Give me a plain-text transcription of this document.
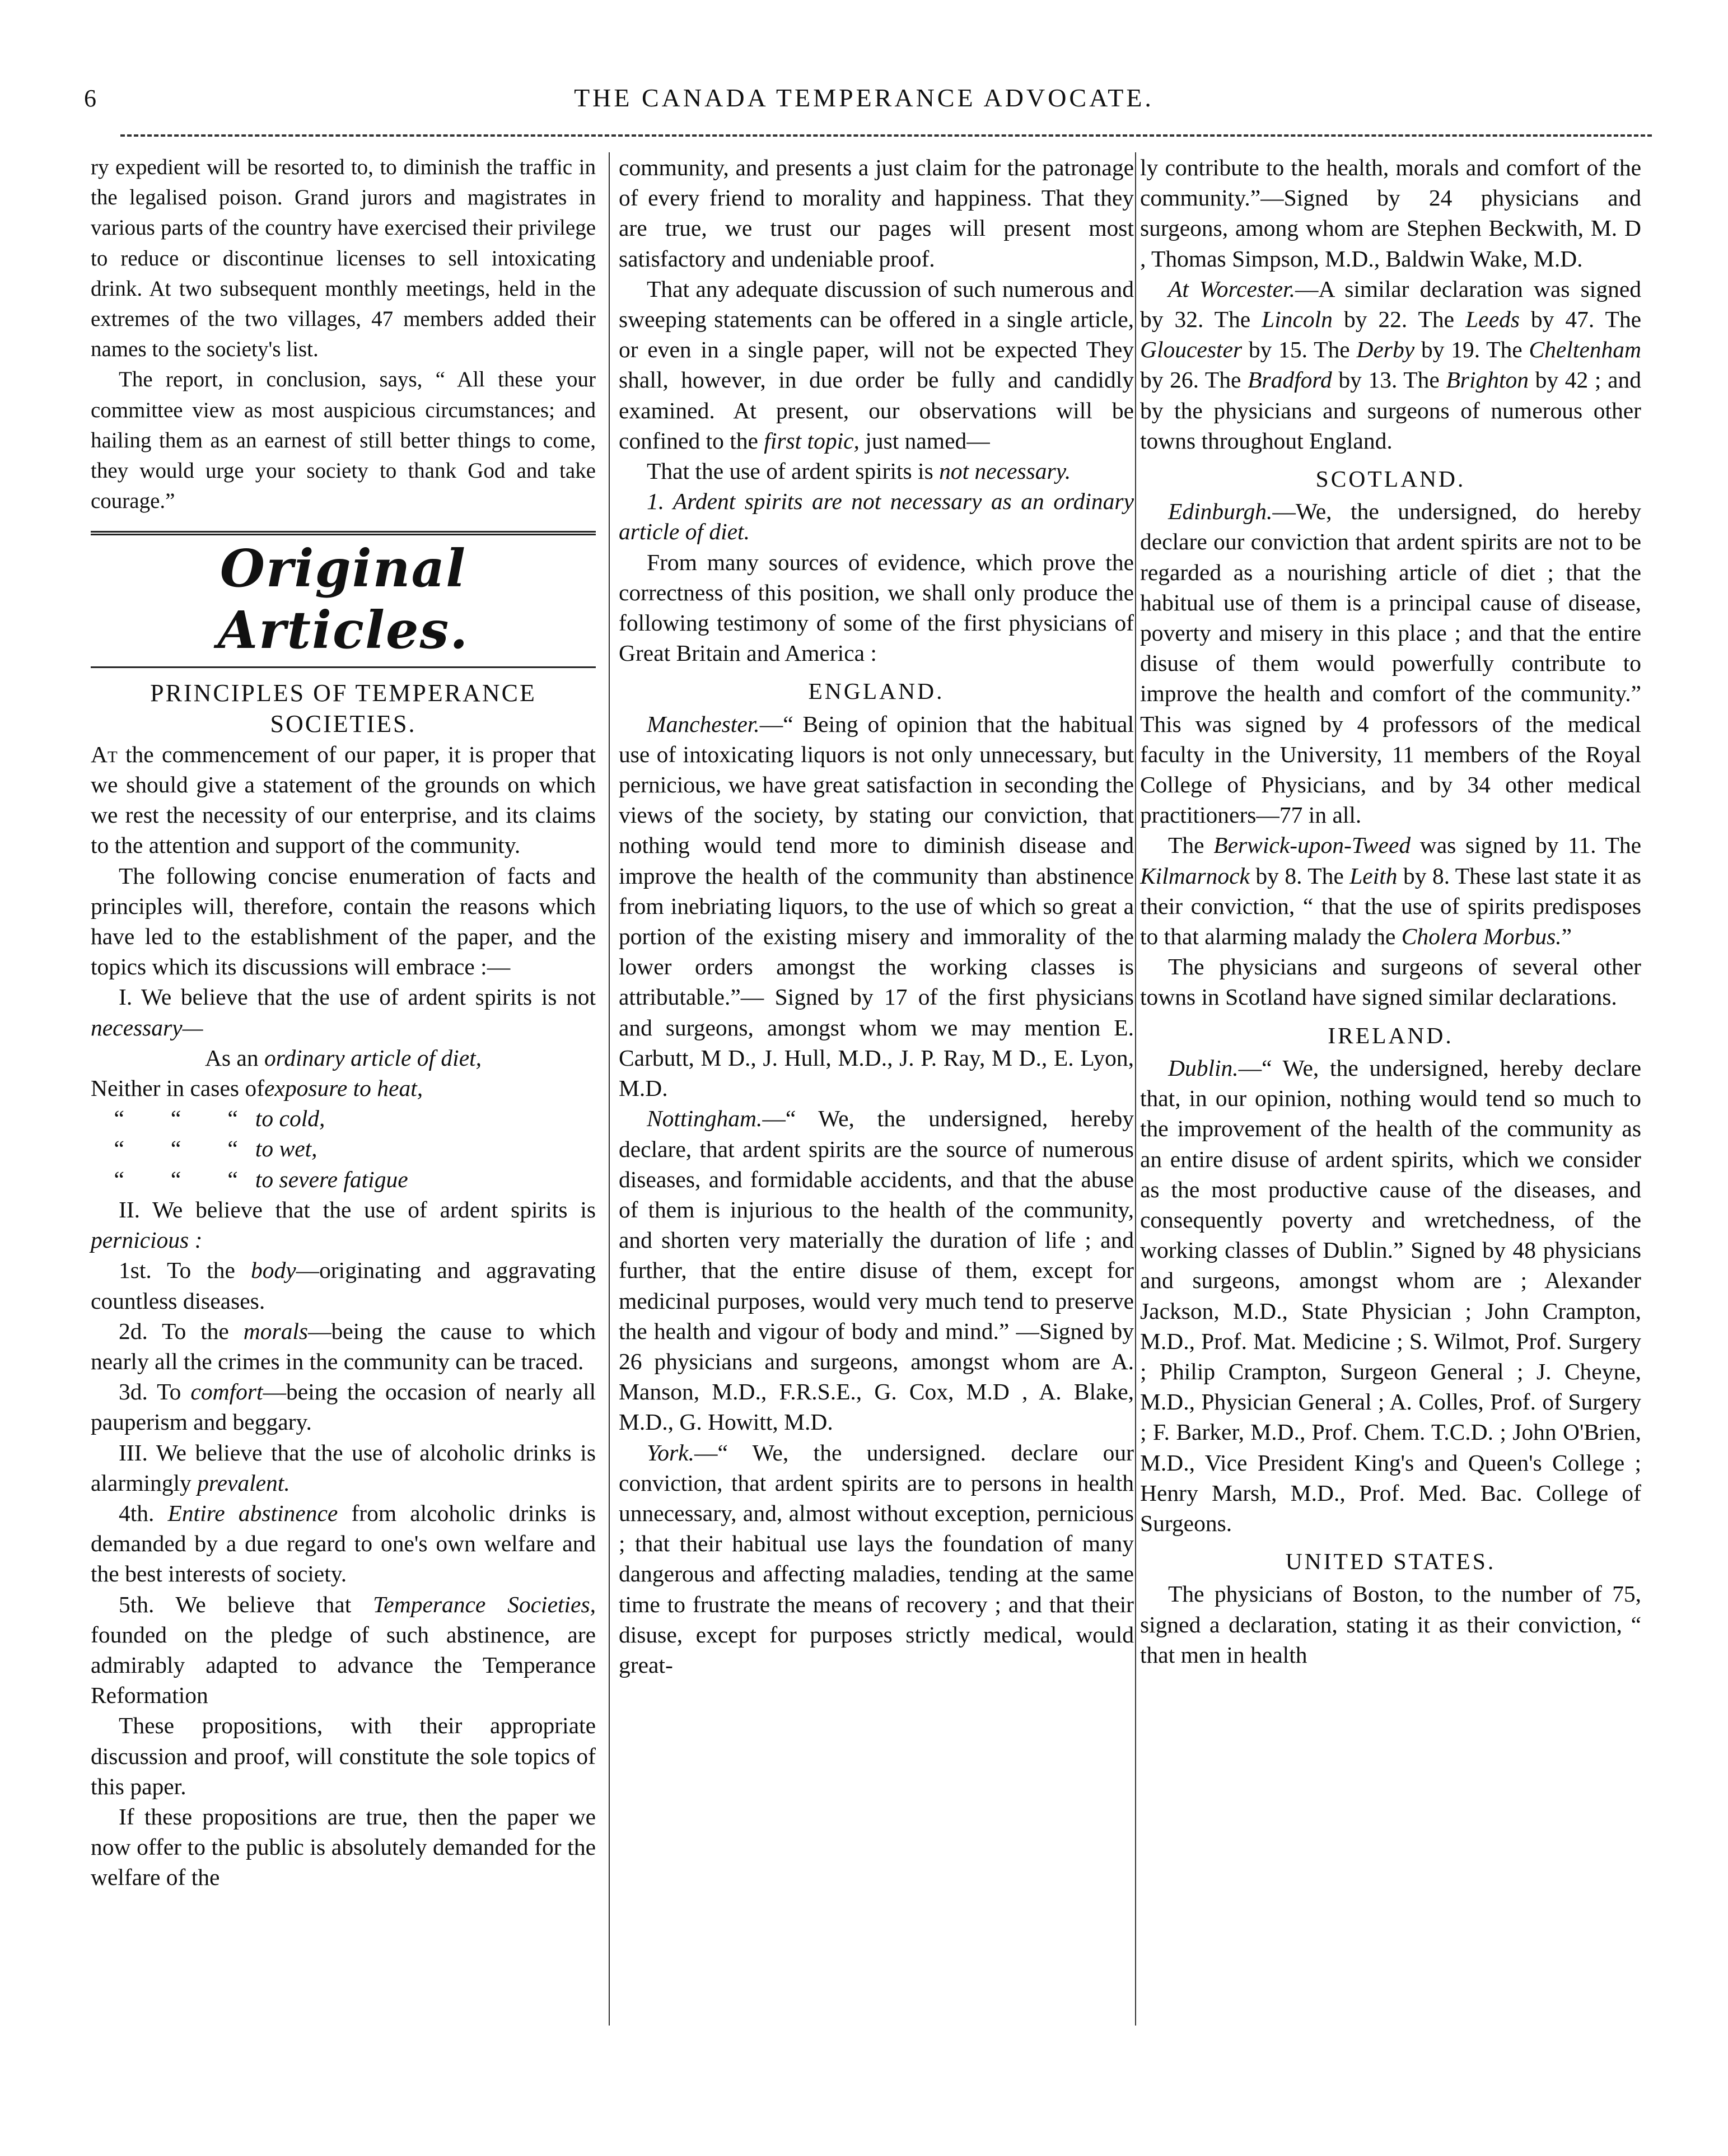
6	THE CANADA TEMPERANCE ADVOCATE.

ry expedient will be resorted to, to diminish the traffic in the legalised poison. Grand jurors and magistrates in various parts of the country have exercised their privilege to reduce or discontinue licenses to sell intoxicating drink. At two subsequent monthly meetings, held in the extremes of the two villages, 47 members added their names to the society's list.

The report, in conclusion, says, “ All these your committee view as most auspicious circumstances; and hailing them as an earnest of still better things to come, they would urge your society to thank God and take courage.”

Original Articles.

PRINCIPLES OF TEMPERANCE SOCIETIES.

At the commencement of our paper, it is proper that we should give a statement of the grounds on which we rest the necessity of our enterprise, and its claims to the attention and support of the community.

The following concise enumeration of facts and principles will, therefore, contain the reasons which have led to the establishment of the paper, and the topics which its discussions will embrace :—

I. We believe that the use of ardent spirits is not necessary—

As an ordinary article of diet,

Neither in cases ofexposure to heat,

“        “        “   to cold,

“        “        “   to wet,

“        “        “   to severe fatigue

II. We believe that the use of ardent spirits is pernicious :

1st. To the body—originating and aggravating countless diseases.

2d. To the morals—being the cause to which nearly all the crimes in the community can be traced.

3d. To comfort—being the occasion of nearly all pauperism and beggary.

III. We believe that the use of alcoholic drinks is alarmingly prevalent.

4th. Entire abstinence from alcoholic drinks is demanded by a due regard to one's own welfare and the best interests of society.

5th. We believe that Temperance Societies, founded on the pledge of such abstinence, are admirably adapted to advance the Temperance Reformation

These propositions, with their appropriate discussion and proof, will constitute the sole topics of this paper.

If these propositions are true, then the paper we now offer to the public is absolutely demanded for the welfare of the

community, and presents a just claim for the patronage of every friend to morality and happiness. That they are true, we trust our pages will present most satisfactory and undeniable proof.

That any adequate discussion of such numerous and sweeping statements can be offered in a single article, or even in a single paper, will not be expected They shall, however, in due order be fully and candidly examined. At present, our observations will be confined to the first topic, just named—

That the use of ardent spirits is not necessary.

1. Ardent spirits are not necessary as an ordinary article of diet.

From many sources of evidence, which prove the correctness of this position, we shall only produce the following testimony of some of the first physicians of Great Britain and America :

ENGLAND.

Manchester.—“ Being of opinion that the habitual use of intoxicating liquors is not only unnecessary, but pernicious, we have great satisfaction in seconding the views of the society, by stating our conviction, that nothing would tend more to diminish disease and improve the health of the community than abstinence from inebriating liquors, to the use of which so great a portion of the existing misery and immorality of the lower orders amongst the working classes is attributable.”— Signed by 17 of the first physicians and surgeons, amongst whom we may mention E. Carbutt, M D., J. Hull, M.D., J. P. Ray, M D., E. Lyon, M.D.

Nottingham.—“ We, the undersigned, hereby declare, that ardent spirits are the source of numerous diseases, and formidable accidents, and that the abuse of them is injurious to the health of the community, and shorten very materially the duration of life ; and further, that the entire disuse of them, except for medicinal purposes, would very much tend to preserve the health and vigour of body and mind.” —Signed by 26 physicians and surgeons, amongst whom are A. Manson, M.D., F.R.S.E., G. Cox, M.D , A. Blake, M.D., G. Howitt, M.D.

York.—“ We, the undersigned. declare our conviction, that ardent spirits are to persons in health unnecessary, and, almost without exception, pernicious ; that their habitual use lays the foundation of many dangerous and affecting maladies, tending at the same time to frustrate the means of recovery ; and that their disuse, except for purposes strictly medical, would great-

ly contribute to the health, morals and comfort of the community.”—Signed by 24 physicians and surgeons, among whom are Stephen Beckwith, M. D , Thomas Simpson, M.D., Baldwin Wake, M.D.

At Worcester.—A similar declaration was signed by 32. The Lincoln by 22. The Leeds by 47. The Gloucester by 15. The Derby by 19. The Cheltenham by 26. The Bradford by 13. The Brighton by 42 ; and by the physicians and surgeons of numerous other towns throughout England.

SCOTLAND.

Edinburgh.—We, the undersigned, do hereby declare our conviction that ardent spirits are not to be regarded as a nourishing article of diet ; that the habitual use of them is a principal cause of disease, poverty and misery in this place ; and that the entire disuse of them would powerfully contribute to improve the health and comfort of the community.” This was signed by 4 professors of the medical faculty in the University, 11 members of the Royal College of Physicians, and by 34 other medical practitioners—77 in all.

The Berwick-upon-Tweed was signed by 11. The Kilmarnock by 8. The Leith by 8. These last state it as their conviction, “ that the use of spirits predisposes to that alarming malady the Cholera Morbus.”

The physicians and surgeons of several other towns in Scotland have signed similar declarations.

IRELAND.

Dublin.—“ We, the undersigned, hereby declare that, in our opinion, nothing would tend so much to the improvement of the health of the community as an entire disuse of ardent spirits, which we consider as the most productive cause of the diseases, and consequently poverty and wretchedness, of the working classes of Dublin.” Signed by 48 physicians and surgeons, amongst whom are ; Alexander Jackson, M.D., State Physician ; John Crampton, M.D., Prof. Mat. Medicine ; S. Wilmot, Prof. Surgery ; Philip Crampton, Surgeon General ; J. Cheyne, M.D., Physician General ; A. Colles, Prof. of Surgery ; F. Barker, M.D., Prof. Chem. T.C.D. ; John O'Brien, M.D., Vice President King's and Queen's College ; Henry Marsh, M.D., Prof. Med. Bac. College of Surgeons.

UNITED STATES.

The physicians of Boston, to the number of 75, signed a declaration, stating it as their conviction, “ that men in health
